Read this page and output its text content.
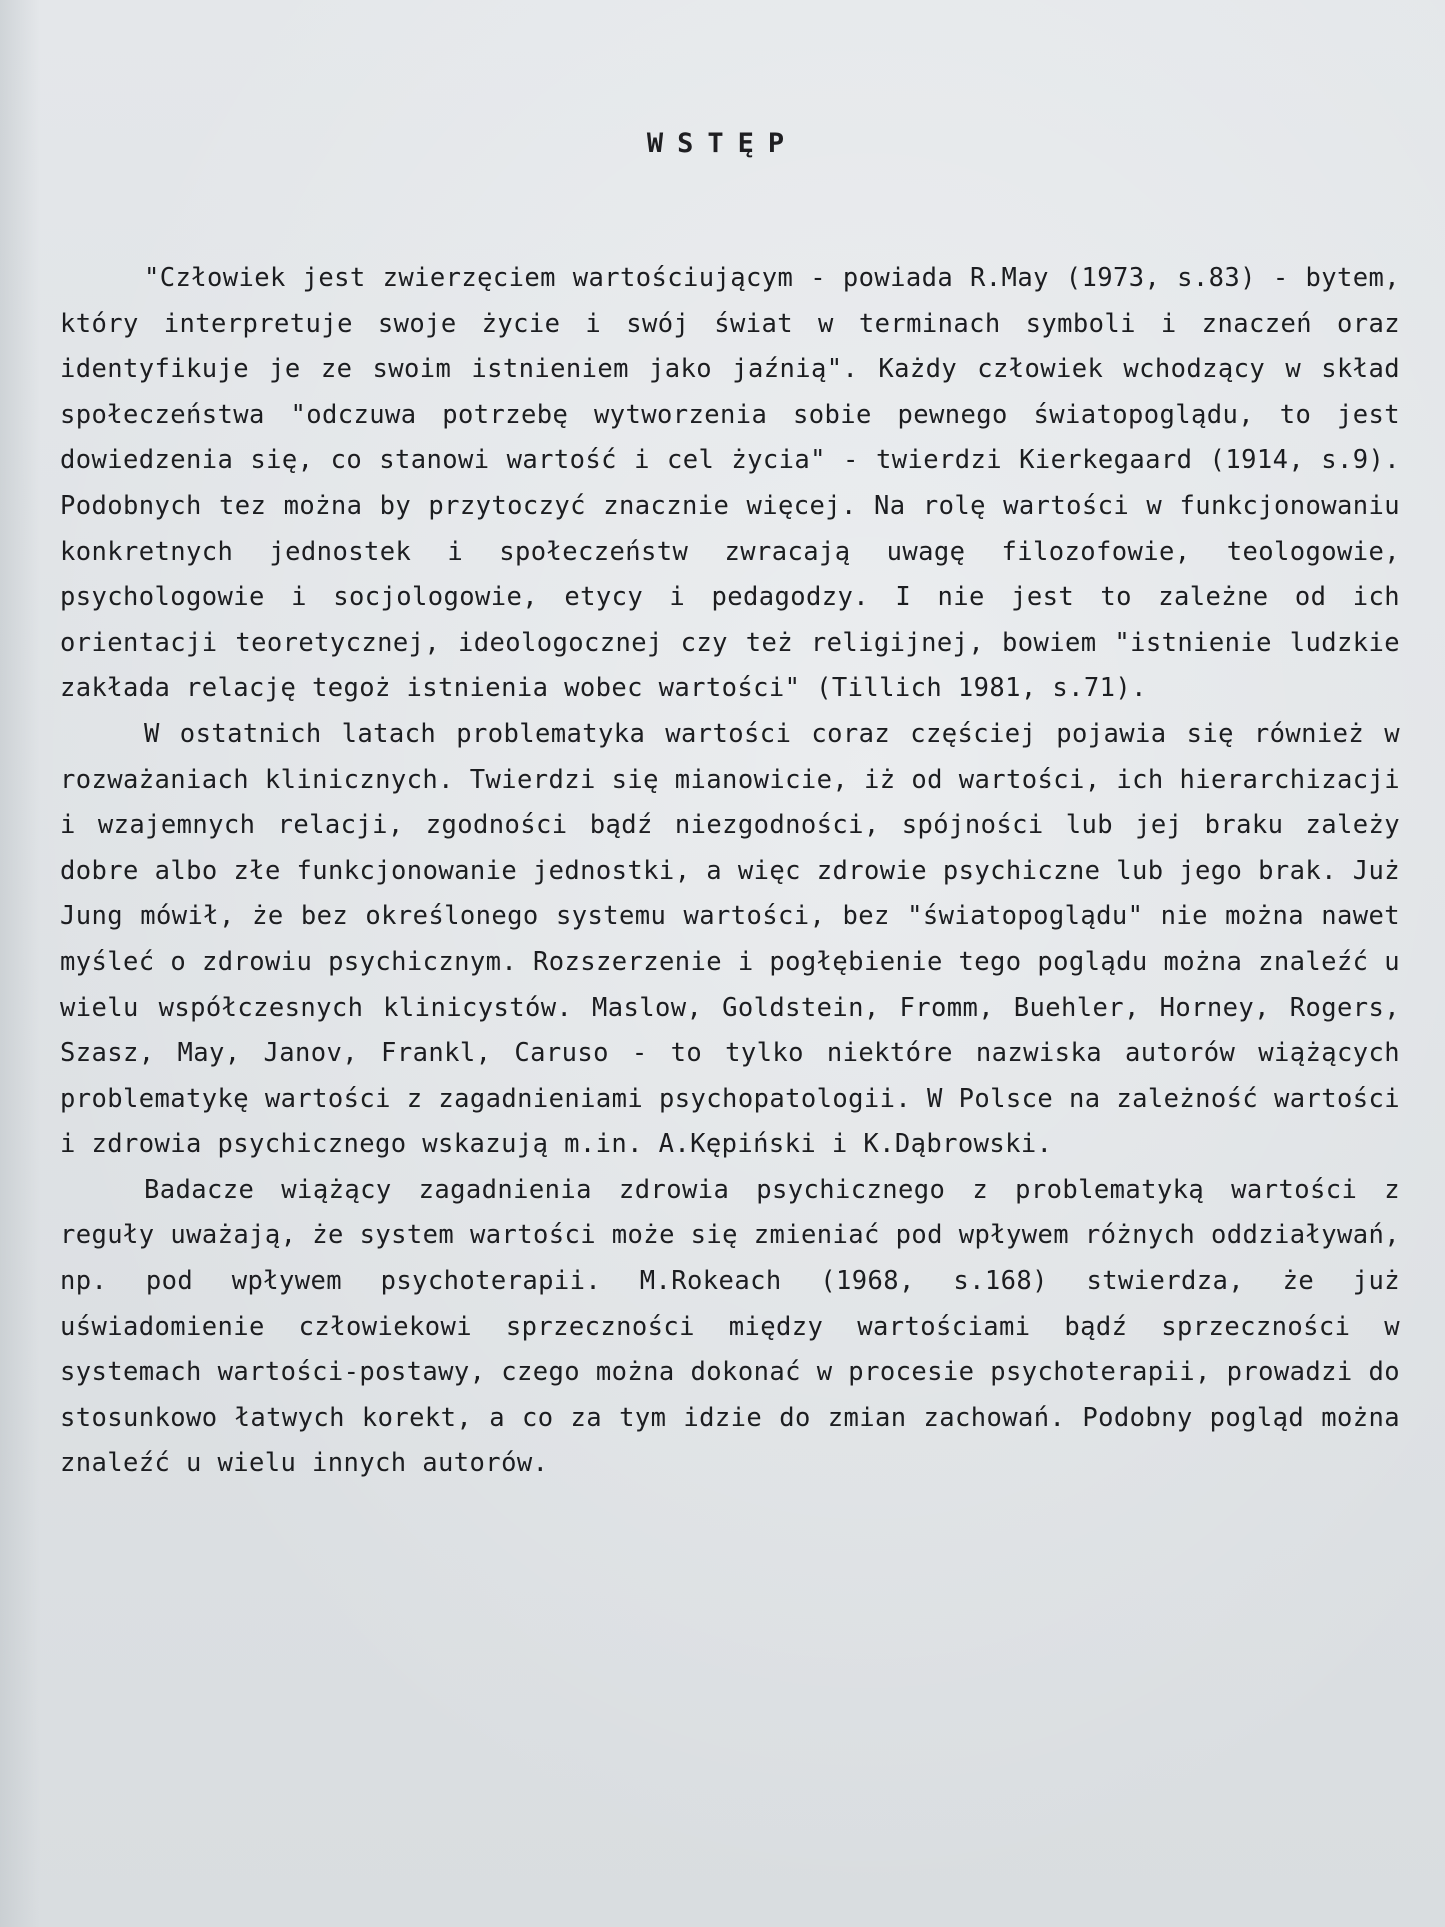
WSTĘP

"Człowiek jest zwierzęciem wartościującym - powiada R.May (1973, s.83) - bytem, który interpretuje swoje życie i swój świat w terminach symboli i znaczeń oraz identyfikuje je ze swoim istnieniem jako jaźnią". Każdy człowiek wchodzący w skład społeczeństwa "odczuwa potrzebę wytworzenia sobie pewnego światopoglądu, to jest dowiedzenia się, co stanowi wartość i cel życia" - twierdzi Kierkegaard (1914, s.9). Podobnych tez można by przytoczyć znacznie więcej. Na rolę wartości w funkcjonowaniu konkretnych jednostek i społeczeństw zwracają uwagę filozofowie, teologowie, psychologowie i socjologowie, etycy i pedagodzy. I nie jest to zależne od ich orientacji teoretycznej, ideologocznej czy też religijnej, bowiem "istnienie ludzkie zakłada relację tegoż istnienia wobec wartości" (Tillich 1981, s.71).

W ostatnich latach problematyka wartości coraz częściej pojawia się również w rozważaniach klinicznych. Twierdzi się mianowicie, iż od wartości, ich hierarchizacji i wzajemnych relacji, zgodności bądź niezgodności, spójności lub jej braku zależy dobre albo złe funkcjonowanie jednostki, a więc zdrowie psychiczne lub jego brak. Już Jung mówił, że bez określonego systemu wartości, bez "światopoglądu" nie można nawet myśleć o zdrowiu psychicznym. Rozszerzenie i pogłębienie tego poglądu można znaleźć u wielu współczesnych klinicystów. Maslow, Goldstein, Fromm, Buehler, Horney, Rogers, Szasz, May, Janov, Frankl, Caruso - to tylko niektóre nazwiska autorów wiążących problematykę wartości z zagadnieniami psychopatologii. W Polsce na zależność wartości i zdrowia psychicznego wskazują m.in. A.Kępiński i K.Dąbrowski.

Badacze wiążący zagadnienia zdrowia psychicznego z problematyką wartości z reguły uważają, że system wartości może się zmieniać pod wpływem różnych oddziaływań, np. pod wpływem psychoterapii. M.Rokeach (1968, s.168) stwierdza, że już uświadomienie człowiekowi sprzeczności między wartościami bądź sprzeczności w systemach wartości-postawy, czego można dokonać w procesie psychoterapii, prowadzi do stosunkowo łatwych korekt, a co za tym idzie do zmian zachowań. Podobny pogląd można znaleźć u wielu innych autorów.
